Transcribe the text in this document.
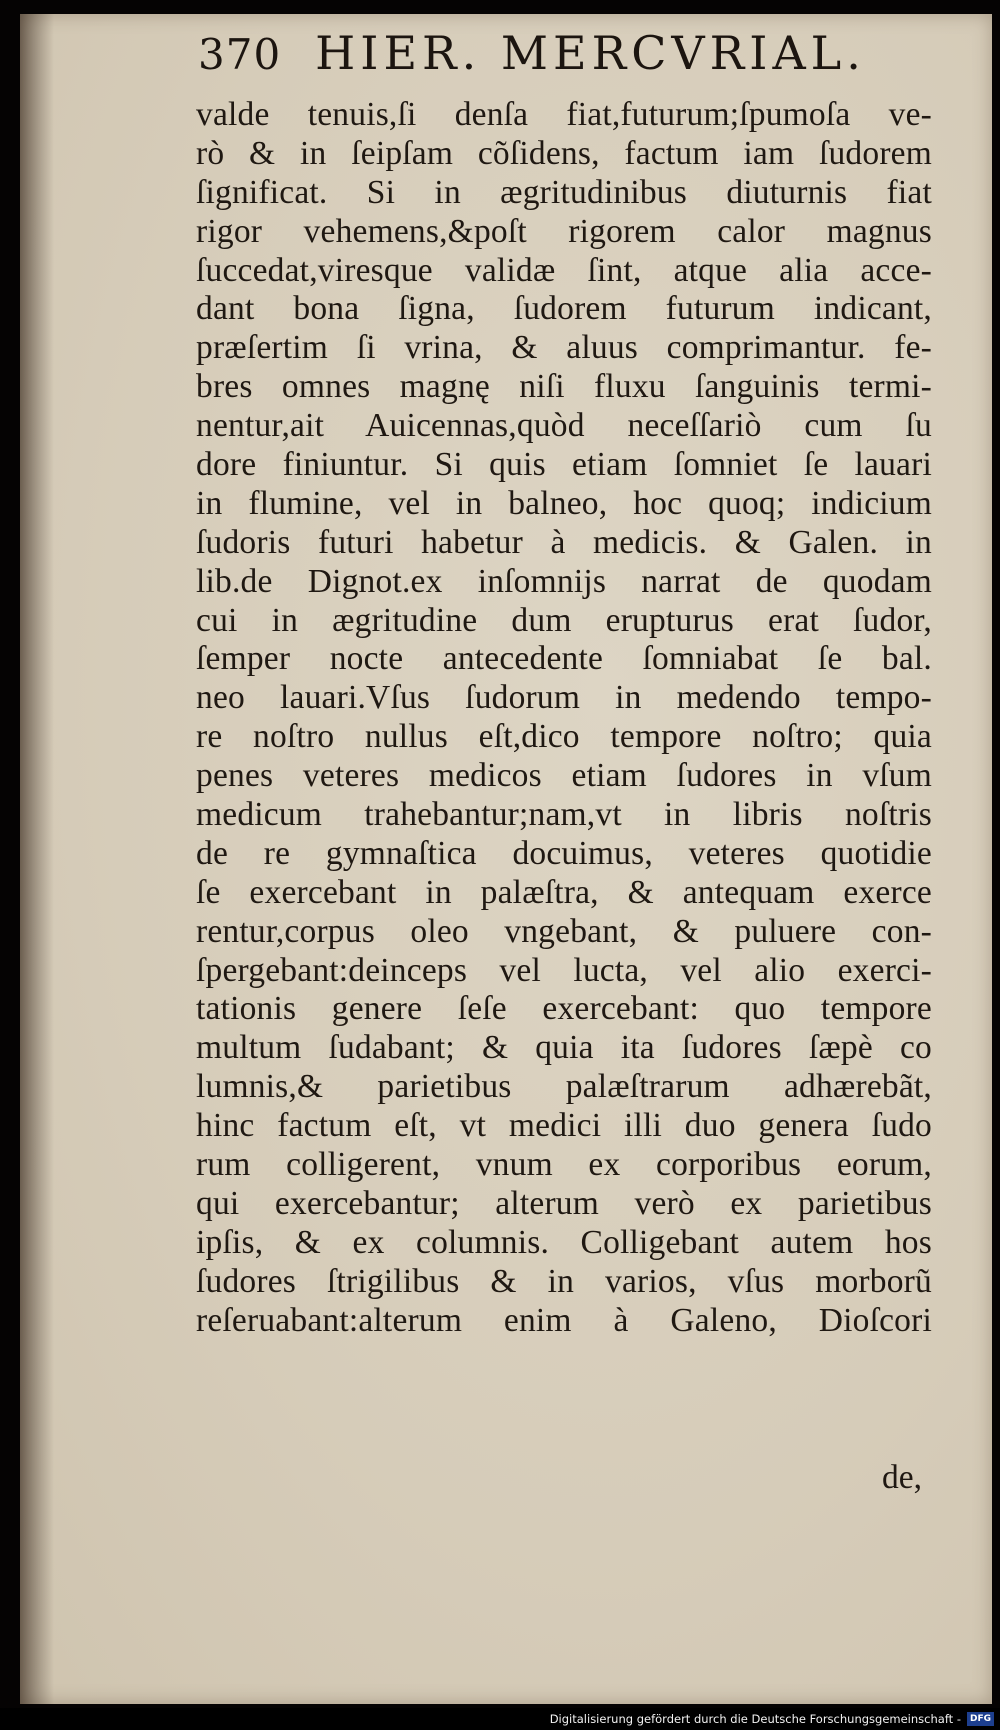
370 HIER. MERCVRIAL.
valde tenuis,ſi denſa fiat,futurum;ſpumoſa ve-
rò & in ſeipſam cõſidens, factum iam ſudorem
ſignificat. Si in ægritudinibus diuturnis fiat
rigor vehemens,&poſt rigorem calor magnus
ſuccedat,viresque validæ ſint, atque alia acce-
dant bona ſigna, ſudorem futurum indicant,
præſertim ſi vrina, & aluus comprimantur. fe-
bres omnes magnę niſi fluxu ſanguinis termi-
nentur,ait Auicennas,quòd neceſſariò cum ſu
dore finiuntur. Si quis etiam ſomniet ſe lauari
in flumine, vel in balneo, hoc quoq; indicium
ſudoris futuri habetur à medicis. & Galen. in
lib.de Dignot.ex inſomnijs narrat de quodam
cui in ægritudine dum erupturus erat ſudor,
ſemper nocte antecedente ſomniabat ſe bal.
neo lauari.Vſus ſudorum in medendo tempo-
re noſtro nullus eſt,dico tempore noſtro; quia
penes veteres medicos etiam ſudores in vſum
medicum trahebantur;nam,vt in libris noſtris
de re gymnaſtica docuimus, veteres quotidie
ſe exercebant in palæſtra, & antequam exerce
rentur,corpus oleo vngebant, & puluere con-
ſpergebant:deinceps vel lucta, vel alio exerci-
tationis genere ſeſe exercebant: quo tempore
multum ſudabant; & quia ita ſudores ſæpè co
lumnis,& parietibus palæſtrarum adhærebãt,
hinc factum eſt, vt medici illi duo genera ſudo
rum colligerent, vnum ex corporibus eorum,
qui exercebantur; alterum verò ex parietibus
ipſis, & ex columnis. Colligebant autem hos
ſudores ſtrigilibus & in varios, vſus morborũ
reſeruabant:alterum enim à Galeno, Dioſcori
de,
Digitalisierung gefördert durch die Deutsche Forschungsgemeinschaft -	DFG
